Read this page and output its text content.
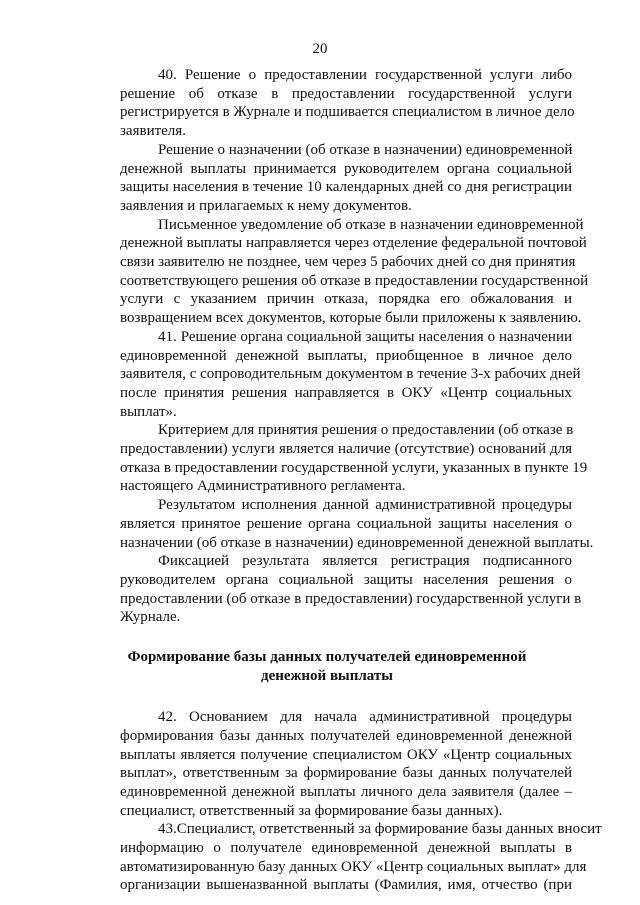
20
40. Решение о предоставлении государственной услуги либо
решение об отказе в предоставлении государственной услуги
регистрируется в Журнале и подшивается специалистом в личное дело
заявителя.
Решение о назначении (об отказе в назначении) единовременной
денежной выплаты принимается руководителем органа социальной
защиты населения в течение 10 календарных дней со дня регистрации
заявления и прилагаемых к нему документов.
Письменное уведомление об отказе в назначении единовременной
денежной выплаты направляется через отделение федеральной почтовой
связи заявителю не позднее, чем через 5 рабочих дней со дня принятия
соответствующего решения об отказе в предоставлении государственной
услуги с указанием причин отказа, порядка его обжалования и
возвращением всех документов, которые были приложены к заявлению.
41. Решение органа социальной защиты населения о назначении
единовременной денежной выплаты, приобщенное в личное дело
заявителя, с сопроводительным документом в течение 3-х рабочих дней
после принятия решения направляется в ОКУ «Центр социальных
выплат».
Критерием для принятия решения о предоставлении (об отказе в
предоставлении) услуги является наличие (отсутствие) оснований для
отказа в предоставлении государственной услуги, указанных в пункте 19
настоящего Административного регламента.
Результатом исполнения данной административной процедуры
является принятое решение органа социальной защиты населения о
назначении (об отказе в назначении) единовременной денежной выплаты.
Фиксацией результата является регистрация подписанного
руководителем органа социальной защиты населения решения о
предоставлении (об отказе в предоставлении) государственной услуги в
Журнале.
Формирование базы данных получателей единовременной
денежной выплаты
42. Основанием для начала административной процедуры
формирования базы данных получателей единовременной денежной
выплаты является получение специалистом ОКУ «Центр социальных
выплат», ответственным за формирование базы данных получателей
единовременной денежной выплаты личного дела заявителя (далее –
специалист, ответственный за формирование базы данных).
43.Специалист, ответственный за формирование базы данных вносит
информацию о получателе единовременной денежной выплаты в
автоматизированную базу данных ОКУ «Центр социальных выплат» для
организации вышеназванной выплаты (Фамилия, имя, отчество (при
